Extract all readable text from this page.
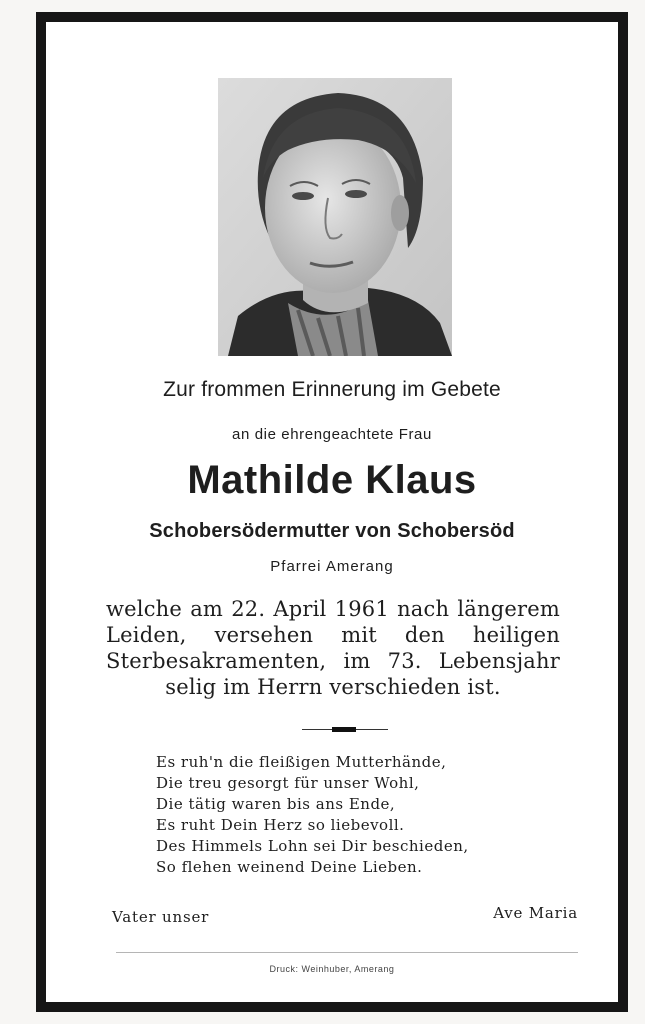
Zur frommen Erinnerung im Gebete
an die ehrengeachtete Frau
Mathilde Klaus
Schobersödermutter von Schobersöd
Pfarrei Amerang
welche am 22. April 1961 nach längerem Leiden, versehen mit den heiligen Sterbesakramenten, im 73. Lebensjahr selig im Herrn verschieden ist.
Es ruh'n die fleißigen Mutterhände,
Die treu gesorgt für unser Wohl,
Die tätig waren bis ans Ende,
Es ruht Dein Herz so liebevoll.
Des Himmels Lohn sei Dir beschieden,
So flehen weinend Deine Lieben.
Vater unser	Ave Maria
Druck: Weinhuber, Amerang
